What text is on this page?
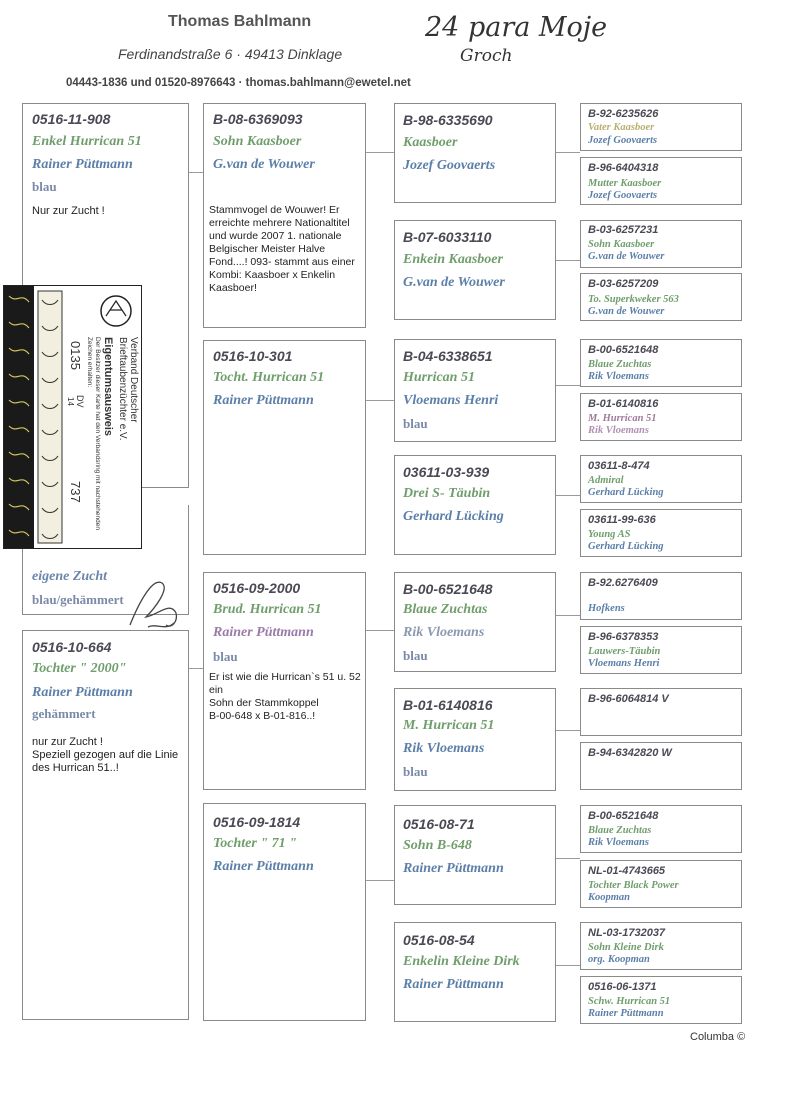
Thomas Bahlmann
Ferdinandstraße 6 · 49413 Dinklage
04443-1836 und 01520-8976643 · thomas.bahlmann@ewetel.net
24 para Moje
Groch
0516-11-908
Enkel Hurrican 51
Rainer Püttmann
blau
Nur zur Zucht !
eigene Zucht
blau/gehämmert
0516-10-664
Tochter " 2000"
Rainer Püttmann
gehämmert
nur zur Zucht !
Speziell gezogen auf die Linie des Hurrican 51..!
Verband Deutscher
Brieftaubenzüchter e.V.
Eigentumsausweis
Der Besitzer dieser Karte hat den Verbandsring mit nachstehenden Zeichen erhalten:
0135
DV
14
737
B-08-6369093
Sohn Kaasboer
G.van de Wouwer
Stammvogel de Wouwer! Er erreichte mehrere Nationaltitel und wurde 2007 1. nationale Belgischer Meister Halve Fond....! 093- stammt aus einer Kombi: Kaasboer x Enkelin Kaasboer!
0516-10-301
Tocht. Hurrican 51
Rainer Püttmann
0516-09-2000
Brud. Hurrican 51
Rainer Püttmann
blau
Er ist wie die Hurrican`s 51 u. 52 ein
Sohn der Stammkoppel
B-00-648 x B-01-816..!
0516-09-1814
Tochter " 71 "
Rainer Püttmann
B-98-6335690
Kaasboer
Jozef Goovaerts
B-07-6033110
Enkein Kaasboer
G.van de Wouwer
B-04-6338651
Hurrican 51
Vloemans Henri
blau
03611-03-939
Drei S- Täubin
Gerhard Lücking
B-00-6521648
Blaue Zuchtas
Rik Vloemans
blau
B-01-6140816
M. Hurrican 51
Rik Vloemans
blau
0516-08-71
Sohn B-648
Rainer Püttmann
0516-08-54
Enkelin Kleine Dirk
Rainer Püttmann
B-92-6235626
Vater Kaasboer
Jozef Goovaerts
B-96-6404318
Mutter Kaasboer
Jozef Goovaerts
B-03-6257231
Sohn Kaasboer
G.van de Wouwer
B-03-6257209
To. Superkweker 563
G.van de Wouwer
B-00-6521648
Blaue Zuchtas
Rik Vloemans
B-01-6140816
M. Hurrican 51
Rik Vloemans
03611-8-474
Admiral
Gerhard Lücking
03611-99-636
Young AS
Gerhard Lücking
B-92.6276409
Hofkens
B-96-6378353
Lauwers-Täubin
Vloemans Henri
B-96-6064814 V
B-94-6342820 W
B-00-6521648
Blaue Zuchtas
Rik Vloemans
NL-01-4743665
Tochter Black Power
Koopman
NL-03-1732037
Sohn Kleine Dirk
org. Koopman
0516-06-1371
Schw. Hurrican 51
Rainer Püttmann
Columba ©
